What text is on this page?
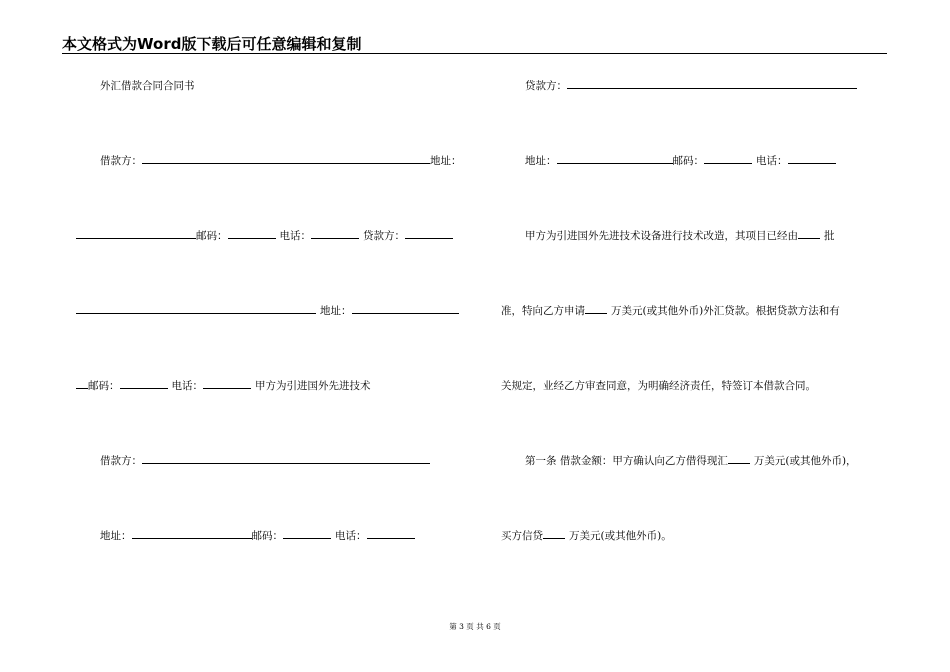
本文格式为Word版下载后可任意编辑和复制
外汇借款合同合同书
借款方：	地址：
邮码：	电话：	贷款方：
地址：
邮码：	电话：	甲方为引进国外先进技术
借款方：
地址：	邮码：	电话：
贷款方：
地址：	邮码：	电话：
甲方为引进国外先进技术设备进行技术改造，其项目已经由 批
准，特向乙方申请 万美元(或其他外币)外汇贷款。根据贷款方法和有
关规定，业经乙方审查同意，为明确经济责任，特签订本借款合同。
第一条 借款金额：甲方确认向乙方借得现汇 万美元(或其他外币)，
买方信贷 万美元(或其他外币)。
第 3 页 共 6 页
